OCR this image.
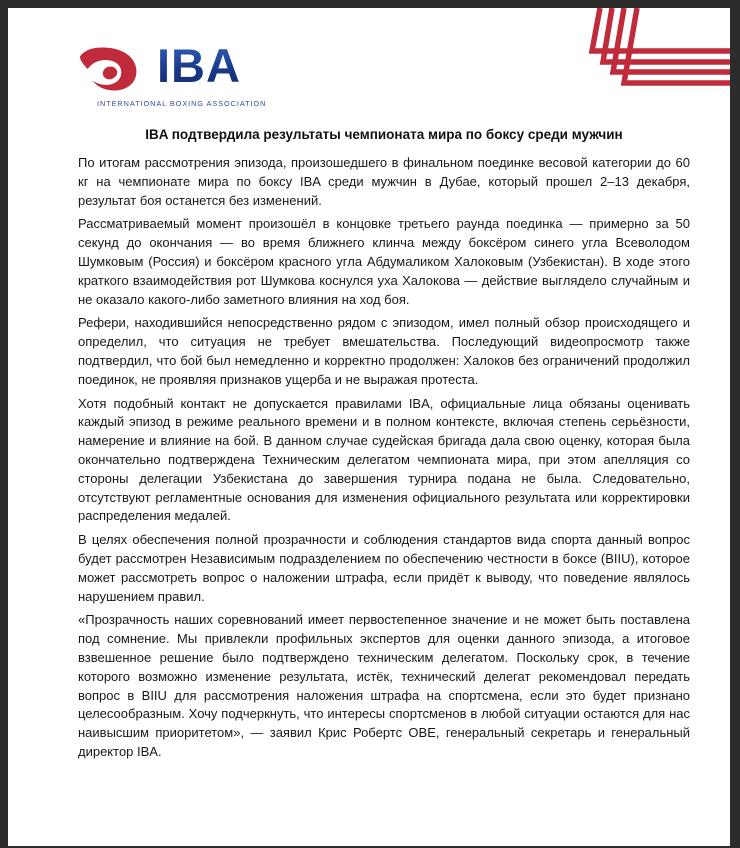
IBA
INTERNATIONAL BOXING ASSOCIATION
IBA подтвердила результаты чемпионата мира по боксу среди мужчин

По итогам рассмотрения эпизода, произошедшего в финальном поединке весовой категории до 60 кг на чемпионате мира по боксу IBA среди мужчин в Дубае, который прошел 2–13 декабря, результат боя останется без изменений.

Рассматриваемый момент произошёл в концовке третьего раунда поединка — примерно за 50 секунд до окончания — во время ближнего клинча между боксёром синего угла Всеволодом Шумковым (Россия) и боксёром красного угла Абдумаликом Халоковым (Узбекистан). В ходе этого краткого взаимодействия рот Шумкова коснулся уха Халокова — действие выглядело случайным и не оказало какого-либо заметного влияния на ход боя.

Рефери, находившийся непосредственно рядом с эпизодом, имел полный обзор происходящего и определил, что ситуация не требует вмешательства. Последующий видеопросмотр также подтвердил, что бой был немедленно и корректно продолжен: Халоков без ограничений продолжил поединок, не проявляя признаков ущерба и не выражая протеста.

Хотя подобный контакт не допускается правилами IBA, официальные лица обязаны оценивать каждый эпизод в режиме реального времени и в полном контексте, включая степень серьёзности, намерение и влияние на бой. В данном случае судейская бригада дала свою оценку, которая была окончательно подтверждена Техническим делегатом чемпионата мира, при этом апелляция со стороны делегации Узбекистана до завершения турнира подана не была. Следовательно, отсутствуют регламентные основания для изменения официального результата или корректировки распределения медалей.

В целях обеспечения полной прозрачности и соблюдения стандартов вида спорта данный вопрос будет рассмотрен Независимым подразделением по обеспечению честности в боксе (BIIU), которое может рассмотреть вопрос о наложении штрафа, если придёт к выводу, что поведение являлось нарушением правил.

«Прозрачность наших соревнований имеет первостепенное значение и не может быть поставлена под сомнение. Мы привлекли профильных экспертов для оценки данного эпизода, а итоговое взвешенное решение было подтверждено техническим делегатом. Поскольку срок, в течение которого возможно изменение результата, истёк, технический делегат рекомендовал передать вопрос в BIIU для рассмотрения наложения штрафа на спортсмена, если это будет признано целесообразным. Хочу подчеркнуть, что интересы спортсменов в любой ситуации остаются для нас наивысшим приоритетом», — заявил Крис Робертс OBE, генеральный секретарь и генеральный директор IBA.
